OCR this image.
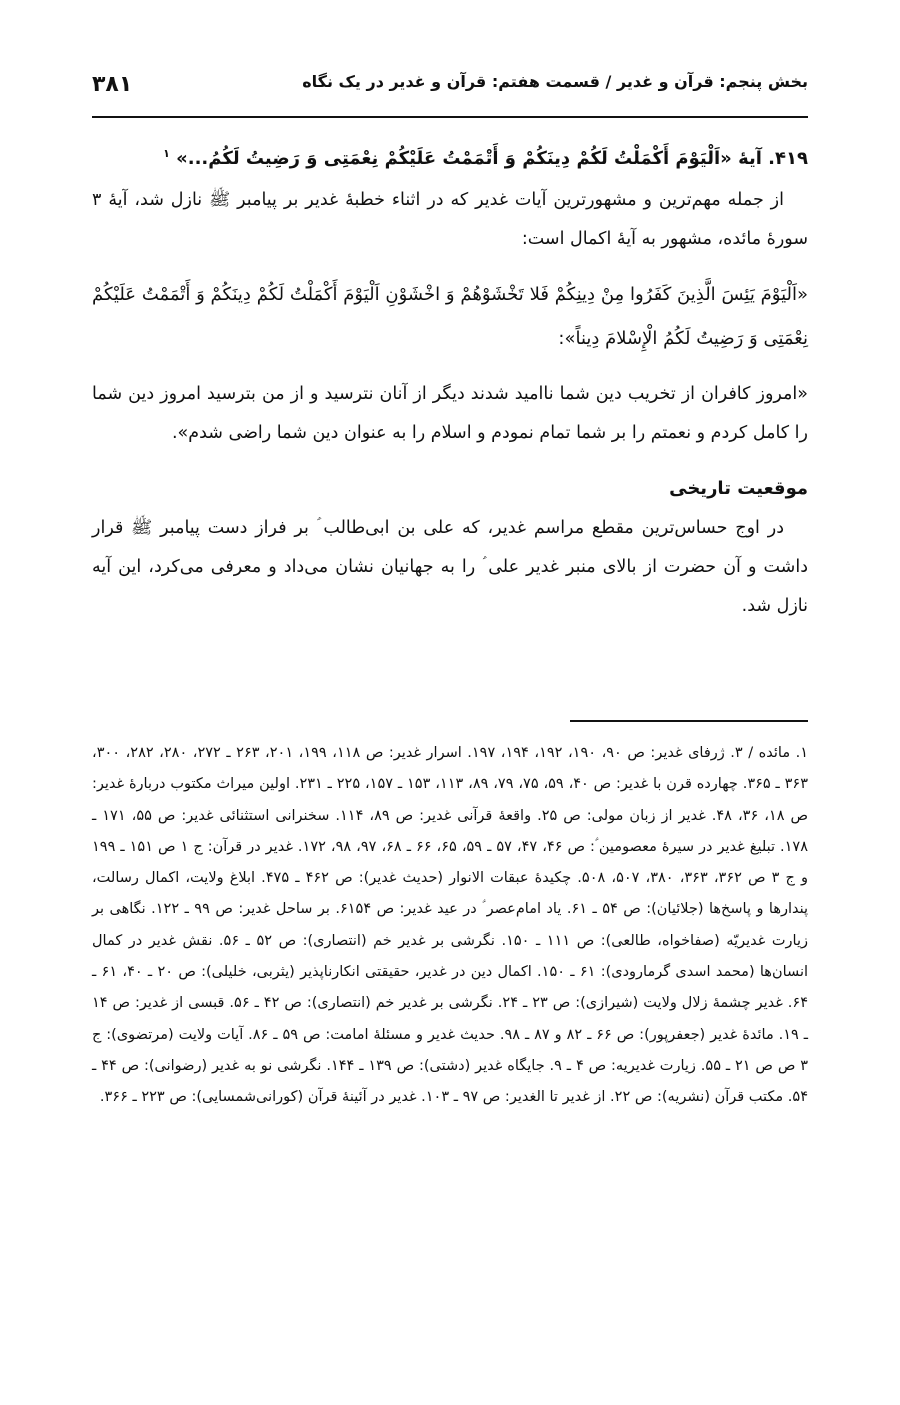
بخش پنجم: قرآن و غدیر / قسمت هفتم: قرآن و غدیر در یک نگاه
۳۸۱

۴۱۹. آیهٔ «اَلْیَوْمَ أَکْمَلْتُ لَکُمْ دِینَکُمْ وَ أَتْمَمْتُ عَلَیْکُمْ نِعْمَتِی وَ رَضِیتُ لَکُمُ...» $^۱$

از جمله مهم‌ترین و مشهورترین آیات غدیر که در اثناء خطبهٔ غدیر بر پیامبر ﷺ نازل شد، آیهٔ ۳ سورهٔ مائده، مشهور به آیهٔ اکمال است:

«اَلْیَوْمَ یَئِسَ الَّذِینَ کَفَرُوا مِنْ دِینِکُمْ فَلا تَخْشَوْهُمْ وَ اخْشَوْنِ اَلْیَوْمَ أَکْمَلْتُ لَکُمْ دِینَکُمْ وَ أَتْمَمْتُ عَلَیْکُمْ نِعْمَتِی وَ رَضِیتُ لَکُمُ الْإِسْلامَ دِیناً»:

«امروز کافران از تخریب دین شما ناامید شدند دیگر از آنان نترسید و از من بترسید امروز دین شما را کامل کردم و نعمتم را بر شما تمام نمودم و اسلام را به عنوان دین شما راضی شدم».

موقعیت تاریخی

در اوج حساس‌ترین مقطع مراسم غدیر، که علی بن ابی‌طالب ؑ بر فراز دست پیامبر ﷺ قرار داشت و آن حضرت از بالای منبر غدیر علی ؑ را به جهانیان نشان می‌داد و معرفی می‌کرد، این آیه نازل شد.

۱. مائده / ۳. ژرفای غدیر: ص ۹۰، ۱۹۰، ۱۹۲، ۱۹۴، ۱۹۷. اسرار غدیر: ص ۱۱۸، ۱۹۹، ۲۰۱، ۲۶۳ ـ ۲۷۲، ۲۸۰، ۲۸۲، ۳۰۰، ۳۶۳ ـ ۳۶۵. چهارده قرن با غدیر: ص ۴۰، ۵۹، ۷۵، ۷۹، ۸۹، ۱۱۳، ۱۵۳ ـ ۱۵۷، ۲۲۵ ـ ۲۳۱. اولین میراث مکتوب دربارهٔ غدیر: ص ۱۸، ۳۶، ۴۸. غدیر از زبان مولی: ص ۲۵. واقعهٔ قرآنی غدیر: ص ۸۹، ۱۱۴. سخنرانی استثنائی غدیر: ص ۵۵، ۱۷۱ ـ ۱۷۸. تبلیغ غدیر در سیرهٔ معصومین ؑ: ص ۴۶، ۴۷، ۵۷ ـ ۵۹، ۶۵، ۶۶ ـ ۶۸، ۹۷، ۹۸، ۱۷۲. غدیر در قرآن: ج ۱ ص ۱۵۱ ـ ۱۹۹ و ج ۳ ص ۳۶۲، ۳۶۳، ۳۸۰، ۵۰۷، ۵۰۸. چکیدهٔ عبقات الانوار (حدیث غدیر): ص ۴۶۲ ـ ۴۷۵. ابلاغ ولایت، اکمال رسالت، پندارها و پاسخ‌ها (جلائیان): ص ۵۴ ـ ۶۱. یاد امام‌عصر ؑ در عید غدیر: ص ۶۱۵۴. بر ساحل غدیر: ص ۹۹ ـ ۱۲۲. نگاهی بر زیارت غدیریّه (صفاخواه، طالعی): ص ۱۱۱ ـ ۱۵۰. نگرشی بر غدیر خم (انتصاری): ص ۵۲ ـ ۵۶. نقش غدیر در کمال انسان‌ها (محمد اسدی گرمارودی): ۶۱ ـ ۱۵۰. اکمال دین در غدیر، حقیقتی انکارناپذیر (یثربی، خلیلی): ص ۲۰ ـ ۴۰، ۶۱ ـ ۶۴. غدیر چشمهٔ زلال ولایت (شیرازی): ص ۲۳ ـ ۲۴. نگرشی بر غدیر خم (انتصاری): ص ۴۲ ـ ۵۶. قبسی از غدیر: ص ۱۴ ـ ۱۹. مائدهٔ غدیر (جعفرپور): ص ۶۶ ـ ۸۲ و ۸۷ ـ ۹۸. حدیث غدیر و مسئلهٔ امامت: ص ۵۹ ـ ۸۶. آیات ولایت (مرتضوی): ج ۳ ص ص ۲۱ ـ ۵۵. زیارت غدیریه: ص ۴ ـ ۹. جایگاه غدیر (دشتی): ص ۱۳۹ ـ ۱۴۴. نگرشی نو به غدیر (رضوانی): ص ۴۴ ـ ۵۴. مکتب قرآن (نشریه): ص ۲۲. از غدیر تا الغدیر: ص ۹۷ ـ ۱۰۳. غدیر در آئینهٔ قرآن (کورانی‌شمسایی): ص ۲۲۳ ـ ۳۶۶.
